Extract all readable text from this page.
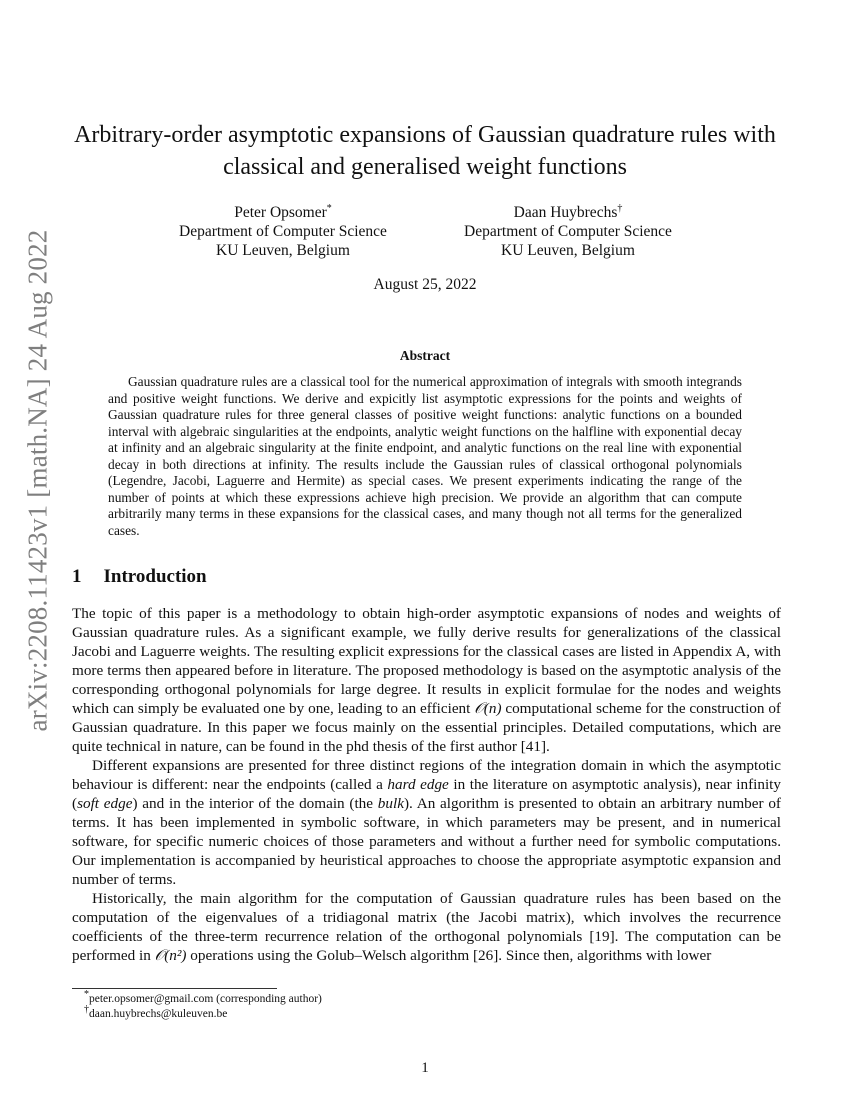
arXiv:2208.11423v1 [math.NA] 24 Aug 2022
Arbitrary-order asymptotic expansions of Gaussian quadrature rules with classical and generalised weight functions
Peter Opsomer*
Department of Computer Science
KU Leuven, Belgium
Daan Huybrechs†
Department of Computer Science
KU Leuven, Belgium
August 25, 2022
Abstract

Gaussian quadrature rules are a classical tool for the numerical approximation of integrals with smooth integrands and positive weight functions. We derive and expicitly list asymptotic expressions for the points and weights of Gaussian quadrature rules for three general classes of positive weight functions: analytic functions on a bounded interval with algebraic singularities at the endpoints, analytic weight functions on the halfline with exponential decay at infinity and an algebraic singularity at the finite endpoint, and analytic functions on the real line with exponential decay in both directions at infinity. The results include the Gaussian rules of classical orthogonal polynomials (Legendre, Jacobi, Laguerre and Hermite) as special cases. We present experiments indicating the range of the number of points at which these expressions achieve high precision. We provide an algorithm that can compute arbitrarily many terms in these expansions for the classical cases, and many though not all terms for the generalized cases.

1 Introduction

The topic of this paper is a methodology to obtain high-order asymptotic expansions of nodes and weights of Gaussian quadrature rules. As a significant example, we fully derive results for generalizations of the classical Jacobi and Laguerre weights. The resulting explicit expressions for the classical cases are listed in Appendix A, with more terms then appeared before in literature. The proposed methodology is based on the asymptotic analysis of the corresponding orthogonal polynomials for large degree. It results in explicit formulae for the nodes and weights which can simply be evaluated one by one, leading to an efficient 𝒪(n) computational scheme for the construction of Gaussian quadrature. In this paper we focus mainly on the essential principles. Detailed computations, which are quite technical in nature, can be found in the phd thesis of the first author [41].

Different expansions are presented for three distinct regions of the integration domain in which the asymptotic behaviour is different: near the endpoints (called a hard edge in the literature on asymptotic analysis), near infinity (soft edge) and in the interior of the domain (the bulk). An algorithm is presented to obtain an arbitrary number of terms. It has been implemented in symbolic software, in which parameters may be present, and in numerical software, for specific numeric choices of those parameters and without a further need for symbolic computations. Our implementation is accompanied by heuristical approaches to choose the appropriate asymptotic expansion and number of terms.

Historically, the main algorithm for the computation of Gaussian quadrature rules has been based on the computation of the eigenvalues of a tridiagonal matrix (the Jacobi matrix), which involves the recurrence coefficients of the three-term recurrence relation of the orthogonal polynomials [19]. The computation can be performed in 𝒪(n²) operations using the Golub–Welsch algorithm [26]. Since then, algorithms with lower

*peter.opsomer@gmail.com (corresponding author)
†daan.huybrechs@kuleuven.be
1
